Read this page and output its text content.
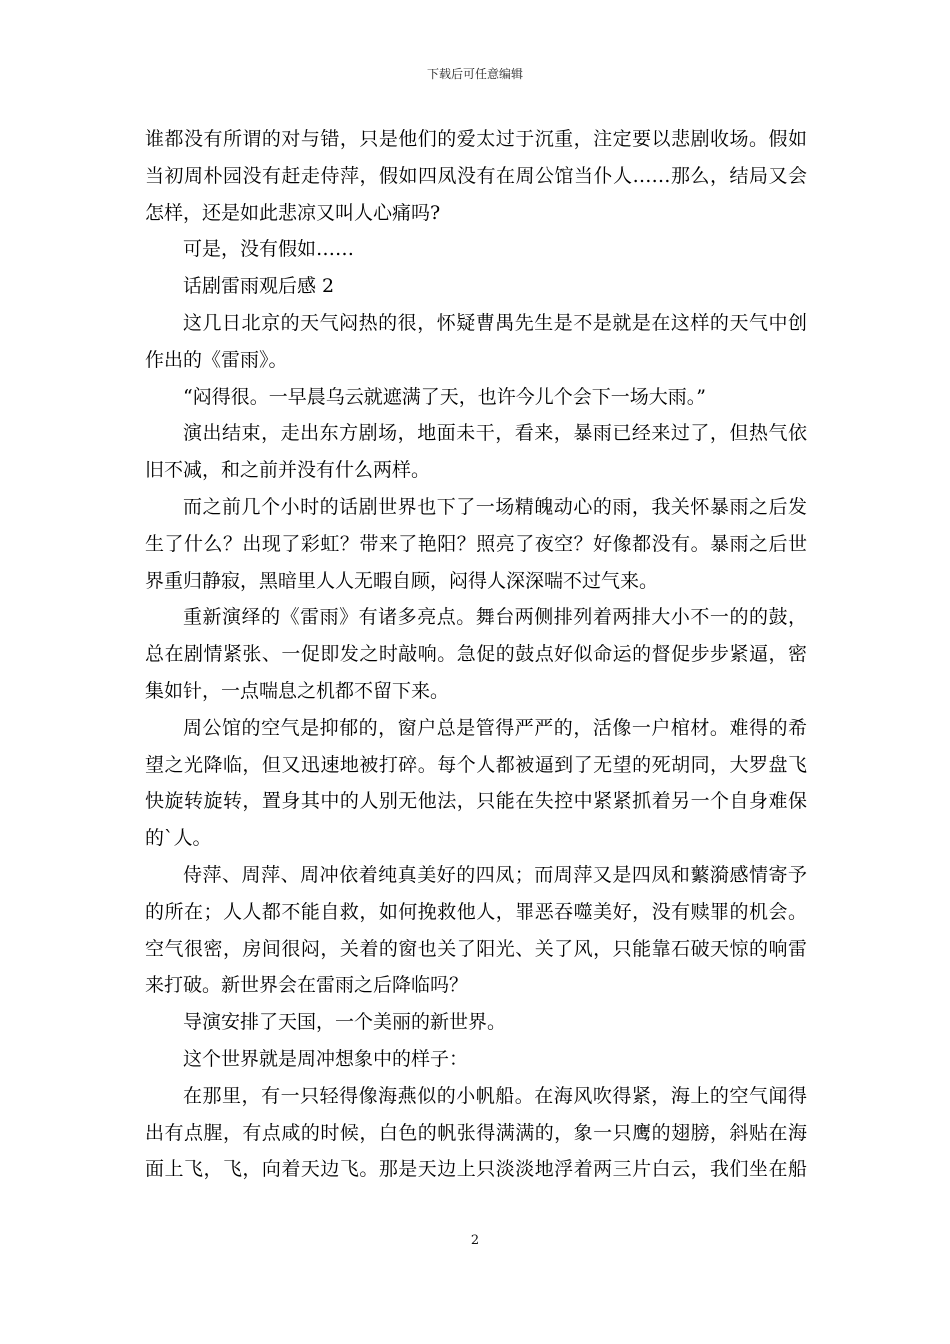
下载后可任意编辑
谁都没有所谓的对与错，只是他们的爱太过于沉重，注定要以悲剧收场。假如
当初周朴园没有赶走侍萍，假如四凤没有在周公馆当仆人……那么，结局又会
怎样，还是如此悲凉又叫人心痛吗?
可是，没有假如……
话剧雷雨观后感 2
这几日北京的天气闷热的很，怀疑曹禺先生是不是就是在这样的天气中创
作出的《雷雨》。
“闷得很。一早晨乌云就遮满了天，也许今儿个会下一场大雨。”
演出结束，走出东方剧场，地面未干，看来，暴雨已经来过了，但热气依
旧不减，和之前并没有什么两样。
而之前几个小时的话剧世界也下了一场精魄动心的雨，我关怀暴雨之后发
生了什么？出现了彩虹？带来了艳阳？照亮了夜空？好像都没有。暴雨之后世
界重归静寂，黑暗里人人无暇自顾，闷得人深深喘不过气来。
重新演绎的《雷雨》有诸多亮点。舞台两侧排列着两排大小不一的的鼓，
总在剧情紧张、一促即发之时敲响。急促的鼓点好似命运的督促步步紧逼，密
集如针，一点喘息之机都不留下来。
周公馆的空气是抑郁的，窗户总是管得严严的，活像一户棺材。难得的希
望之光降临，但又迅速地被打碎。每个人都被逼到了无望的死胡同，大罗盘飞
快旋转旋转，置身其中的人别无他法，只能在失控中紧紧抓着另一个自身难保
的`人。
侍萍、周萍、周冲依着纯真美好的四凤；而周萍又是四凤和蘩漪感情寄予
的所在；人人都不能自救，如何挽救他人，罪恶吞噬美好，没有赎罪的机会。
空气很密，房间很闷，关着的窗也关了阳光、关了风，只能靠石破天惊的响雷
来打破。新世界会在雷雨之后降临吗？
导演安排了天国，一个美丽的新世界。
这个世界就是周冲想象中的样子：
在那里，有一只轻得像海燕似的小帆船。在海风吹得紧，海上的空气闻得
出有点腥，有点咸的时候，白色的帆张得满满的，象一只鹰的翅膀，斜贴在海
面上飞，飞，向着天边飞。那是天边上只淡淡地浮着两三片白云，我们坐在船
2
